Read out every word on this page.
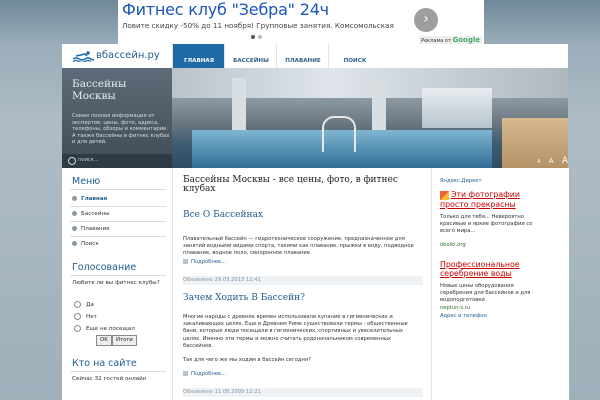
Фитнес клуб "Зебра" 24ч
Ловите скидку -50% до 11 ноября! Групповые занятия. Комсомольская	›
Реклама от Google
вбассейн.ру	ГЛАВНАЯ	БАССЕЙНЫ	ПЛАВАНИЕ	ПОИСК
Бассейны Москвы
Самая полная информация от экспертов: цены, фото, адреса, телефоны, обзоры и комментарии. А также бассейны в фитнес клубах и для детей.
поиск...	A A A
Меню
Главная
Бассейны
Плавание
Поиск
Голосование
Любите ли вы фитнес клубы?
Да
Нет
Еще не посещал
OK	Итоги
Кто на сайте
Сейчас 32 гостей онлайн
Бассейны Москвы - все цены, фото, в фитнес клубах
Все О Бассейнах
Плавательный бассейн — гидротехническое сооружение, предназначенное для занятий водными видами спорта, такими как плавание, прыжки в воду, подводное плавание, водное поло, синхронное плавание.
Подробнее...
Обновлено 29.03.2013 12:41
Зачем Ходить В Бассейн?
Многие народы с древних времен использовали купание в гигиенических и закаливающих целях. Еще в Древнем Риме существовали термы - общественные бани, которые люди посещали в гигиенических, спортивных и увеселительных целях. Именно эти термы и можно считать родоначальником современных бассейнов.
Так для чего же мы ходим в бассейн сегодня?
Подробнее...
Обновлено 11.08.2009 12:21
Яндекс.Директ
Эти фотографии просто прекрасны
Только для тебя... Невероятно красивые и яркие фотографии со всего мира...
oboiki.org
Профессиональное серебрение воды
Новые цены оборудования серебрения для бассейнов и для водоподготовки
neptun-s.ru
Адрес и телефон
